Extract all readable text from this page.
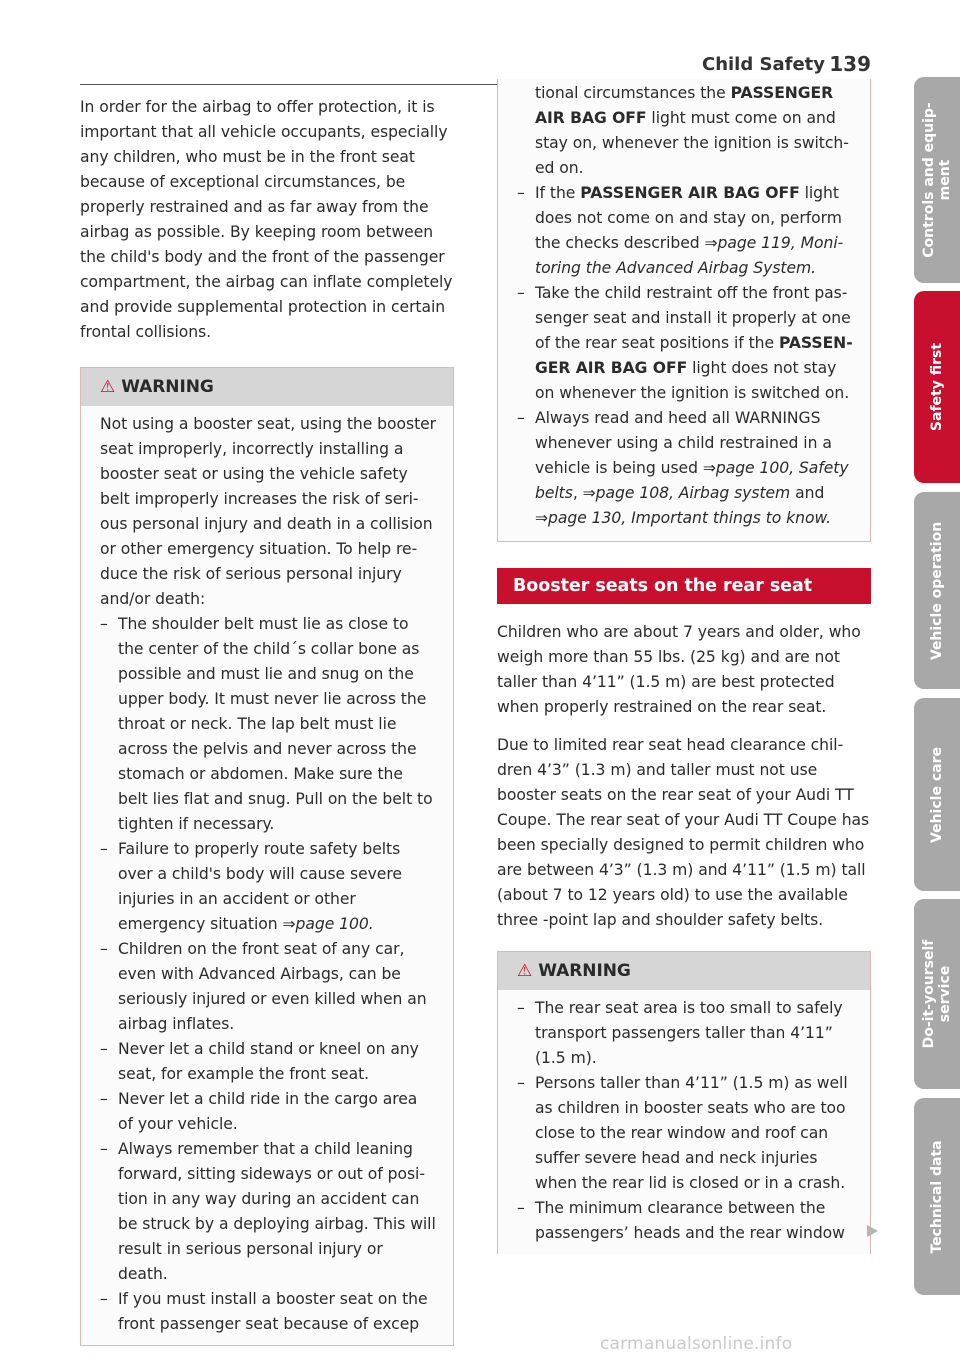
Child Safety 139

In order for the airbag to offer protection, it is important that all vehicle occupants, especially any children, who must be in the front seat because of exceptional circumstances, be properly restrained and as far away from the airbag as possible. By keeping room between the child's body and the front of the passenger compartment, the airbag can inflate completely and provide supplemental protection in certain frontal collisions.

⚠ WARNING

Not using a booster seat, using the booster seat improperly, incorrectly installing a booster seat or using the vehicle safety belt improperly increases the risk of serious personal injury and death in a collision or other emergency situation. To help reduce the risk of serious personal injury and/or death:

– The shoulder belt must lie as close to the center of the child´s collar bone as possible and must lie and snug on the upper body. It must never lie across the throat or neck. The lap belt must lie across the pelvis and never across the stomach or abdomen. Make sure the belt lies flat and snug. Pull on the belt to tighten if necessary.

– Failure to properly route safety belts over a child's body will cause severe injuries in an accident or other emergency situation ⇒page 100.

– Children on the front seat of any car, even with Advanced Airbags, can be seriously injured or even killed when an airbag inflates.

– Never let a child stand or kneel on any seat, for example the front seat.

– Never let a child ride in the cargo area of your vehicle.

– Always remember that a child leaning forward, sitting sideways or out of position in any way during an accident can be struck by a deploying airbag. This will result in serious personal injury or death.

– If you must install a booster seat on the front passenger seat because of excep

tional circumstances the PASSENGER AIR BAG OFF light must come on and stay on, whenever the ignition is switched on.

– If the PASSENGER AIR BAG OFF light does not come on and stay on, perform the checks described ⇒page 119, Monitoring the Advanced Airbag System.

– Take the child restraint off the front passenger seat and install it properly at one of the rear seat positions if the PASSENGER AIR BAG OFF light does not stay on whenever the ignition is switched on.

– Always read and heed all WARNINGS whenever using a child restrained in a vehicle is being used ⇒page 100, Safety belts, ⇒page 108, Airbag system and ⇒page 130, Important things to know.

Booster seats on the rear seat

Children who are about 7 years and older, who weigh more than 55 lbs. (25 kg) and are not taller than 4’11” (1.5 m) are best protected when properly restrained on the rear seat.

Due to limited rear seat head clearance children 4’3” (1.3 m) and taller must not use booster seats on the rear seat of your Audi TT Coupe. The rear seat of your Audi TT Coupe has been specially designed to permit children who are between 4’3” (1.3 m) and 4’11” (1.5 m) tall (about 7 to 12 years old) to use the available three -point lap and shoulder safety belts.

⚠ WARNING

– The rear seat area is too small to safely transport passengers taller than 4’11” (1.5 m).

– Persons taller than 4’11” (1.5 m) as well as children in booster seats who are too close to the rear window and roof can suffer severe head and neck injuries when the rear lid is closed or in a crash.

– The minimum clearance between the passengers’ heads and the rear window

Controls and equip-
ment
Safety first
Vehicle operation
Vehicle care
Do-it-yourself
service
Technical data
carmanualsonline.info
